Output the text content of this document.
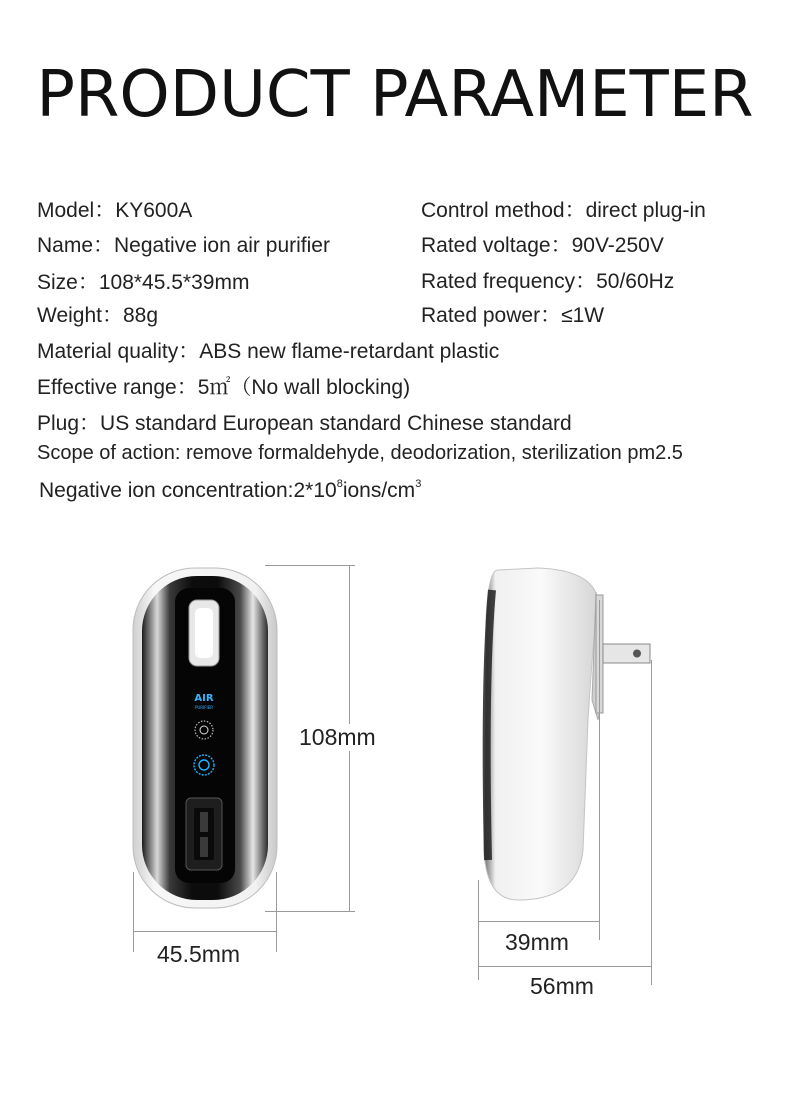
PRODUCT PARAMETER
Model：KY600A	Control method：direct plug-in
Name：Negative ion air purifier	Rated voltage：90V-250V
Size：108*45.5*39mm	Rated frequency：50/60Hz
Weight：88g	Rated power：≤1W
Material quality：ABS new flame-retardant plastic
Effective range：5㎡（No wall blocking)
Plug：US standard European standard Chinese standard
Scope of action: remove formaldehyde, deodorization, sterilization pm2.5
Negative ion $concentration:2*10^8ions/cm^3$
AIR
PURIFIER
108mm
45.5mm	39mm
56mm
